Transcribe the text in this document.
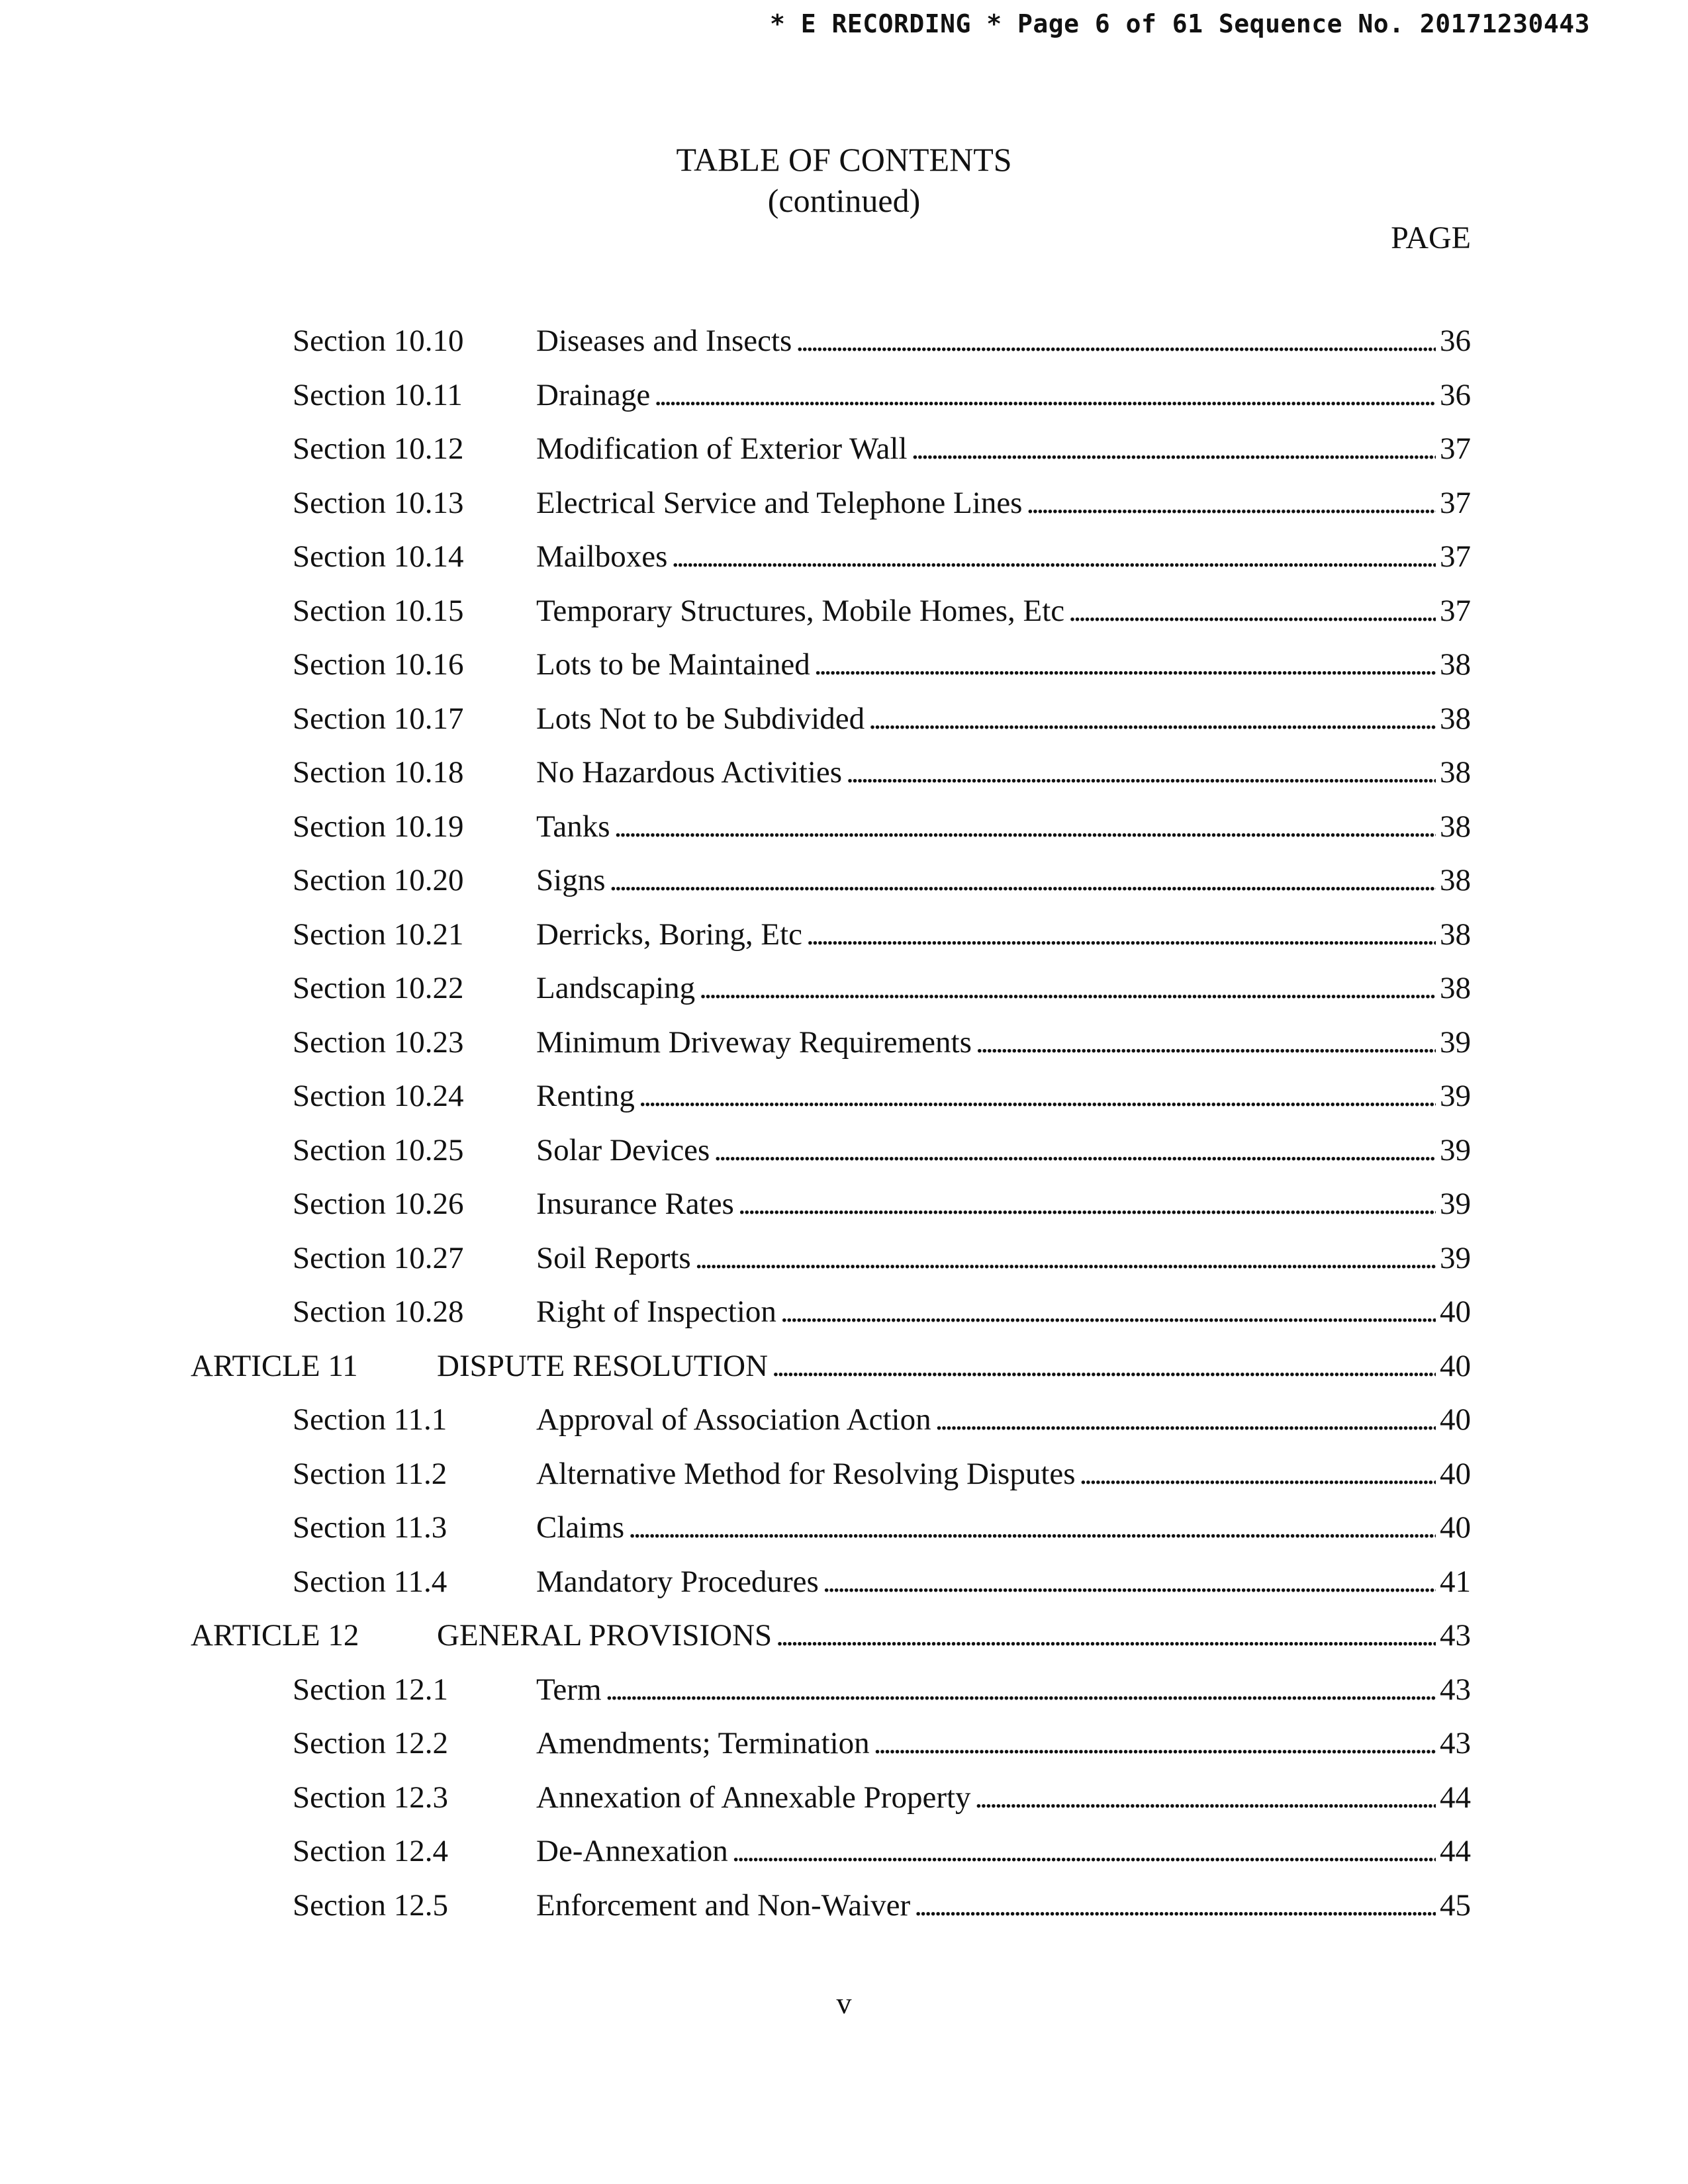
* E RECORDING * Page 6 of 61 Sequence No. 20171230443
TABLE OF CONTENTS
(continued)
PAGE
Section 10.10 Diseases and Insects . . .	36
Section 10.11 Drainage . . .	36
Section 10.12 Modification of Exterior Wall . . .	37
Section 10.13 Electrical Service and Telephone Lines . . .	37
Section 10.14 Mailboxes . . .	37
Section 10.15 Temporary Structures, Mobile Homes, Etc . . .	37
Section 10.16 Lots to be Maintained . . .	38
Section 10.17 Lots Not to be Subdivided . . .	38
Section 10.18 No Hazardous Activities . . .	38
Section 10.19 Tanks . . .	38
Section 10.20 Signs . . .	38
Section 10.21 Derricks, Boring, Etc . . .	38
Section 10.22 Landscaping . . .	38
Section 10.23 Minimum Driveway Requirements . . .	39
Section 10.24 Renting . . .	39
Section 10.25 Solar Devices . . .	39
Section 10.26 Insurance Rates . . .	39
Section 10.27 Soil Reports . . .	39
Section 10.28 Right of Inspection . . .	40
ARTICLE 11	DISPUTE RESOLUTION . . .	40
Section 11.1	Approval of Association Action . . .	40
Section 11.2	Alternative Method for Resolving Disputes . . .	40
Section 11.3	Claims . . .	40
Section 11.4	Mandatory Procedures . . .	41
ARTICLE 12	GENERAL PROVISIONS . . .	43
Section 12.1	Term . . .	43
Section 12.2	Amendments; Termination . . .	43
Section 12.3	Annexation of Annexable Property . . .	44
Section 12.4	De-Annexation . . .	44
Section 12.5	Enforcement and Non-Waiver . . .	45
v
